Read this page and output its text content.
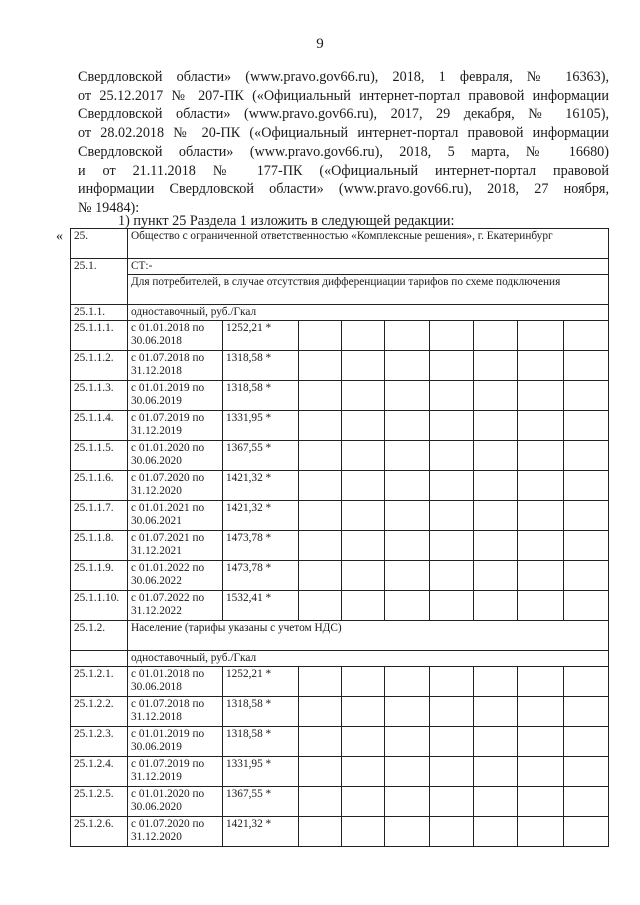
9

Свердловской области» (www.pravo.gov66.ru), 2018, 1 февраля, № 16363),

от 25.12.2017 № 207-ПК («Официальный интернет-портал правовой информации

Свердловской области» (www.pravo.gov66.ru), 2017, 29 декабря, № 16105),

от 28.02.2018 № 20-ПК («Официальный интернет-портал правовой информации

Свердловской области» (www.pravo.gov66.ru), 2018, 5 марта, № 16680)

и от 21.11.2018 № 177-ПК («Официальный интернет-портал правовой

информации Свердловской области» (www.pravo.gov66.ru), 2018, 27 ноября,

№ 19484):

1) пункт 25 Раздела 1 изложить в следующей редакции:
« 25.	Общество с ограниченной ответственностью «Комплексные решения», г. Екатеринбург								
25.1.	СТ:-								
	Для потребителей, в случае отсутствия дифференциации тарифов по схеме подключения								
25.1.1.	одноставочный, руб./Гкал								
25.1.1.1.	с 01.01.2018 по 30.06.2018	1252,21 *							
25.1.1.2.	с 01.07.2018 по 31.12.2018	1318,58 *							
25.1.1.3.	с 01.01.2019 по 30.06.2019	1318,58 *							
25.1.1.4.	с 01.07.2019 по 31.12.2019	1331,95 *							
25.1.1.5.	с 01.01.2020 по 30.06.2020	1367,55 *							
25.1.1.6.	с 01.07.2020 по 31.12.2020	1421,32 *							
25.1.1.7.	с 01.01.2021 по 30.06.2021	1421,32 *							
25.1.1.8.	с 01.07.2021 по 31.12.2021	1473,78 *							
25.1.1.9.	с 01.01.2022 по 30.06.2022	1473,78 *							
25.1.1.10.	с 01.07.2022 по 31.12.2022	1532,41 *							
25.1.2.	Население (тарифы указаны с учетом НДС)								
	одноставочный, руб./Гкал								
25.1.2.1.	с 01.01.2018 по 30.06.2018	1252,21 *							
25.1.2.2.	с 01.07.2018 по 31.12.2018	1318,58 *							
25.1.2.3.	с 01.01.2019 по 30.06.2019	1318,58 *							
25.1.2.4.	с 01.07.2019 по 31.12.2019	1331,95 *							
25.1.2.5.	с 01.01.2020 по 30.06.2020	1367,55 *							
25.1.2.6.	с 01.07.2020 по 31.12.2020	1421,32 *							
